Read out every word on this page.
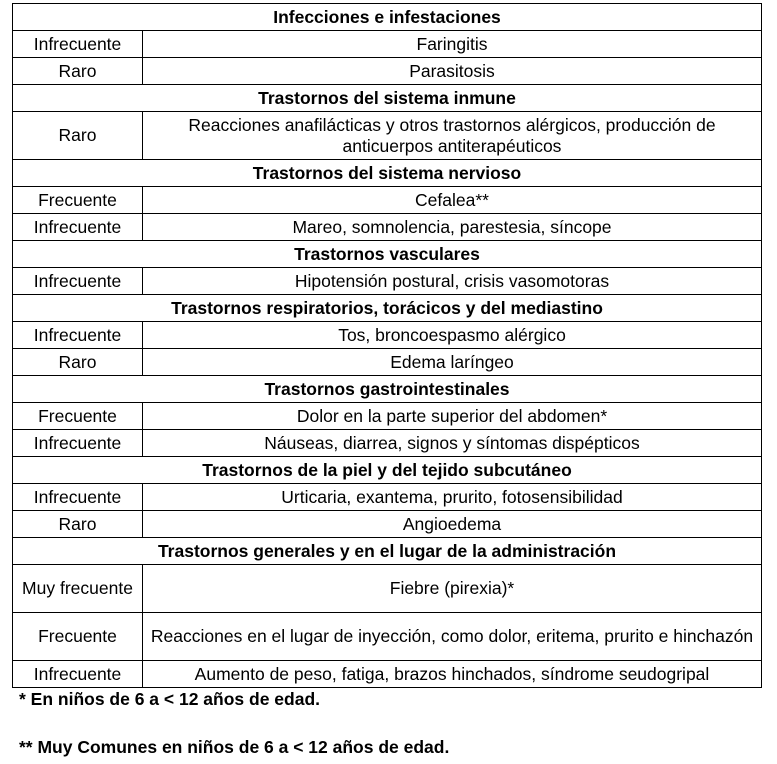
Infecciones e infestaciones	
Infrecuente	Faringitis
Raro	Parasitosis
Trastornos del sistema inmune	
Raro	Reacciones anafilácticas y otros trastornos alérgicos, producción de anticuerpos antiterapéuticos
Trastornos del sistema nervioso	
Frecuente	Cefalea**
Infrecuente	Mareo, somnolencia, parestesia, síncope
Trastornos vasculares	
Infrecuente	Hipotensión postural, crisis vasomotoras
Trastornos respiratorios, torácicos y del mediastino	
Infrecuente	Tos, broncoespasmo alérgico
Raro	Edema laríngeo
Trastornos gastrointestinales	
Frecuente	Dolor en la parte superior del abdomen*
Infrecuente	Náuseas, diarrea, signos y síntomas dispépticos
Trastornos de la piel y del tejido subcutáneo	
Infrecuente	Urticaria, exantema, prurito, fotosensibilidad
Raro	Angioedema
Trastornos generales y en el lugar de la administración	
Muy frecuente	Fiebre (pirexia)*
Frecuente	Reacciones en el lugar de inyección, como dolor, eritema, prurito e hinchazón
Infrecuente	Aumento de peso, fatiga, brazos hinchados, síndrome seudogripal

* En niños de 6 a < 12 años de edad.

** Muy Comunes en niños de 6 a < 12 años de edad.
